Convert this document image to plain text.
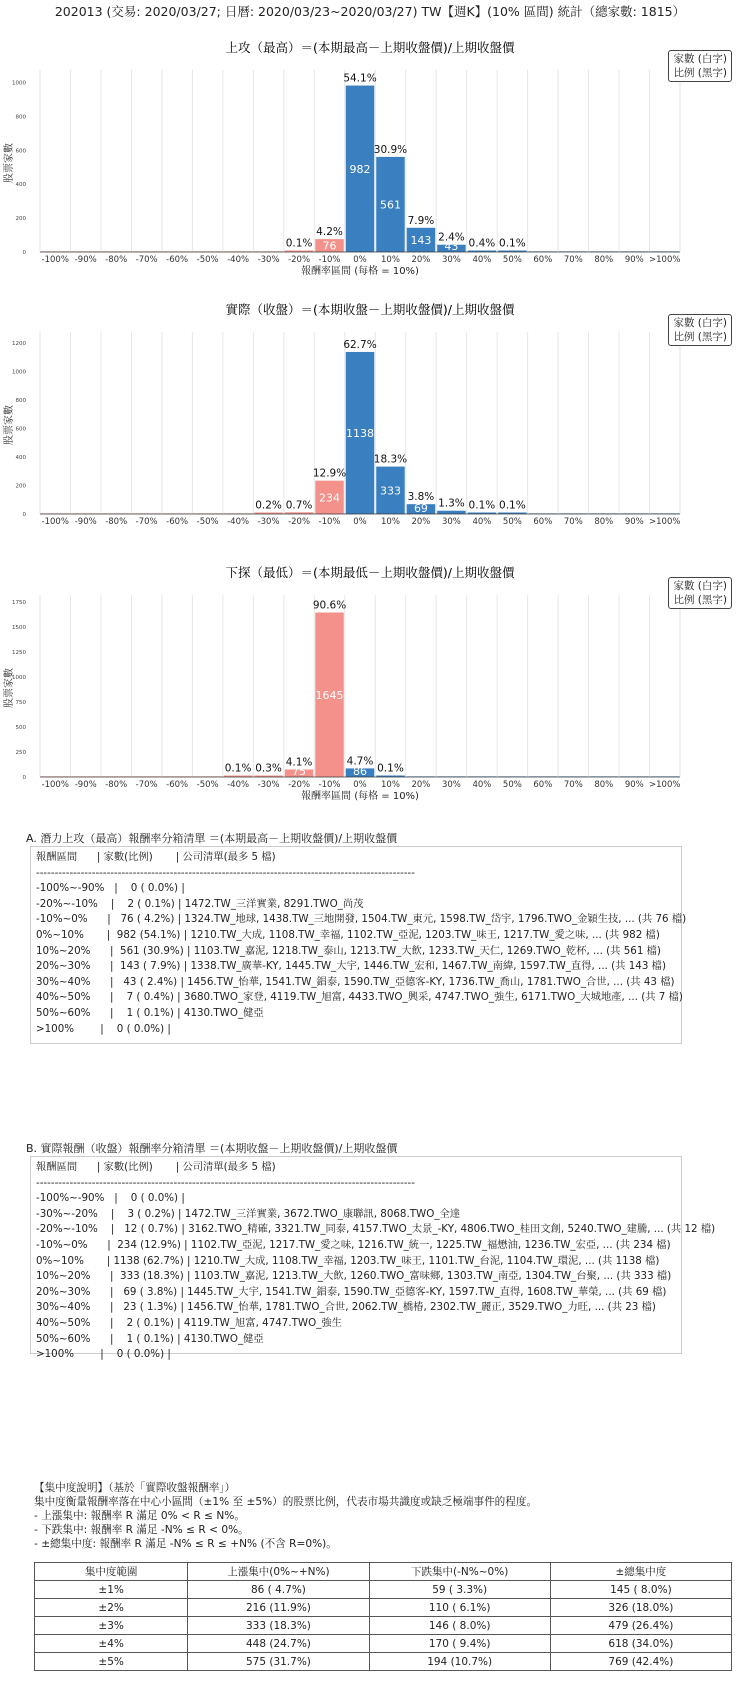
202013 (交易: 2020/03/27; 日曆: 2020/03/23~2020/03/27) TW【週K】(10% 區間) 統計（總家數: 1815）
上攻（最高）＝(本期最高－上期收盤價)/上期收盤價
0
200
400
600
800
1000
股票家數
-100% -90% -80% -70% -60% -50% -40% -30%
0.1%
-20%
76
4.2%
-10%
982
54.1%
0%
561
30.9%
10%
143
7.9%
20%
43
2.4%
30%
0.4%
40%
0.1%
50% 60% 70% 80% 90% >100%
報酬率區間 (每格 = 10%)
家數 (白字)
比例 (黑字)
實際（收盤）＝(本期收盤－上期收盤價)/上期收盤價
0
200
400
600
800
1000
1200
股票家數
-100% -90% -80% -70% -60% -50% -40%
0.2%
-30%
0.7%
-20%
234
12.9%
-10%
1138
62.7%
0%
333
18.3%
10%
69
3.8%
20%
1.3%
30%
0.1%
40%
0.1%
50% 60% 70% 80% 90% >100%
家數 (白字)
比例 (黑字)
下探（最低）＝(本期最低－上期收盤價)/上期收盤價
0
250
500
750
1000
1250
1500
1750
股票家數
-100% -90% -80% -70% -60% -50%
0.1%
-40%
0.3%
-30%
75
4.1%
-20%
1645
90.6%
-10%
86
4.7%
0%
0.1%
10% 20% 30% 40% 50% 60% 70% 80% 90% >100%
報酬率區間 (每格 = 10%)
家數 (白字)
比例 (黑字)
A. 潛力上攻（最高）報酬率分箱清單 ＝(本期最高－上期收盤價)/上期收盤價
報酬區間      | 家數(比例)       | 公司清單(最多 5 檔)
------------------------------------------------------------------------------------------------------
-100%~-90%   |    0 ( 0.0%) |
-20%~-10%    |    2 ( 0.1%) | 1472.TW_三洋實業, 8291.TWO_尚茂
-10%~0%      |   76 ( 4.2%) | 1324.TW_地球, 1438.TW_三地開發, 1504.TW_東元, 1598.TW_岱宇, 1796.TWO_金穎生技, ... (共 76 檔)
0%~10%       |  982 (54.1%) | 1210.TW_大成, 1108.TW_幸福, 1102.TW_亞泥, 1203.TW_味王, 1217.TW_愛之味, ... (共 982 檔)
10%~20%      |  561 (30.9%) | 1103.TW_嘉泥, 1218.TW_泰山, 1213.TW_大飲, 1233.TW_天仁, 1269.TWO_乾杯, ... (共 561 檔)
20%~30%      |  143 ( 7.9%) | 1338.TW_廣華-KY, 1445.TW_大宇, 1446.TW_宏和, 1467.TW_南緯, 1597.TW_直得, ... (共 143 檔)
30%~40%      |   43 ( 2.4%) | 1456.TW_怡華, 1541.TW_錩泰, 1590.TW_亞德客-KY, 1736.TW_喬山, 1781.TWO_合世, ... (共 43 檔)
40%~50%      |    7 ( 0.4%) | 3680.TWO_家登, 4119.TW_旭富, 4433.TWO_興采, 4747.TWO_強生, 6171.TWO_大城地產, ... (共 7 檔)
50%~60%      |    1 ( 0.1%) | 4130.TWO_健亞
>100%        |    0 ( 0.0%) |
B. 實際報酬（收盤）報酬率分箱清單 ＝(本期收盤－上期收盤價)/上期收盤價
報酬區間      | 家數(比例)       | 公司清單(最多 5 檔)
------------------------------------------------------------------------------------------------------
-100%~-90%   |    0 ( 0.0%) |
-30%~-20%    |    3 ( 0.2%) | 1472.TW_三洋實業, 3672.TWO_康聯訊, 8068.TWO_全達
-20%~-10%    |   12 ( 0.7%) | 3162.TWO_精確, 3321.TW_同泰, 4157.TWO_太景_-KY, 4806.TWO_桂田文創, 5240.TWO_建騰, ... (共 12 檔)
-10%~0%      |  234 (12.9%) | 1102.TW_亞泥, 1217.TW_愛之味, 1216.TW_統一, 1225.TW_福懋油, 1236.TW_宏亞, ... (共 234 檔)
0%~10%       | 1138 (62.7%) | 1210.TW_大成, 1108.TW_幸福, 1203.TW_味王, 1101.TW_台泥, 1104.TW_環泥, ... (共 1138 檔)
10%~20%      |  333 (18.3%) | 1103.TW_嘉泥, 1213.TW_大飲, 1260.TWO_富味鄉, 1303.TW_南亞, 1304.TW_台聚, ... (共 333 檔)
20%~30%      |   69 ( 3.8%) | 1445.TW_大宇, 1541.TW_錩泰, 1590.TW_亞德客-KY, 1597.TW_直得, 1608.TW_華榮, ... (共 69 檔)
30%~40%      |   23 ( 1.3%) | 1456.TW_怡華, 1781.TWO_合世, 2062.TW_橋椿, 2302.TW_麗正, 3529.TWO_力旺, ... (共 23 檔)
40%~50%      |    2 ( 0.1%) | 4119.TW_旭富, 4747.TWO_強生
50%~60%      |    1 ( 0.1%) | 4130.TWO_健亞
>100%        |    0 ( 0.0%) |
【集中度說明】（基於「實際收盤報酬率」）
集中度衡量報酬率落在中心小區間（±1% 至 ±5%）的股票比例，代表市場共識度或缺乏極端事件的程度。
- 上漲集中: 報酬率 R 滿足 0% < R ≤ N%。
- 下跌集中: 報酬率 R 滿足 -N% ≤ R < 0%。
- ±總集中度: 報酬率 R 滿足 -N% ≤ R ≤ +N% (不含 R=0%)。
集中度範圍	上漲集中(0%~+N%)	下跌集中(-N%~0%)	±總集中度
±1%	86 ( 4.7%)	59 ( 3.3%)	145 ( 8.0%)
±2%	216 (11.9%)	110 ( 6.1%)	326 (18.0%)
±3%	333 (18.3%)	146 ( 8.0%)	479 (26.4%)
±4%	448 (24.7%)	170 ( 9.4%)	618 (34.0%)
±5%	575 (31.7%)	194 (10.7%)	769 (42.4%)
